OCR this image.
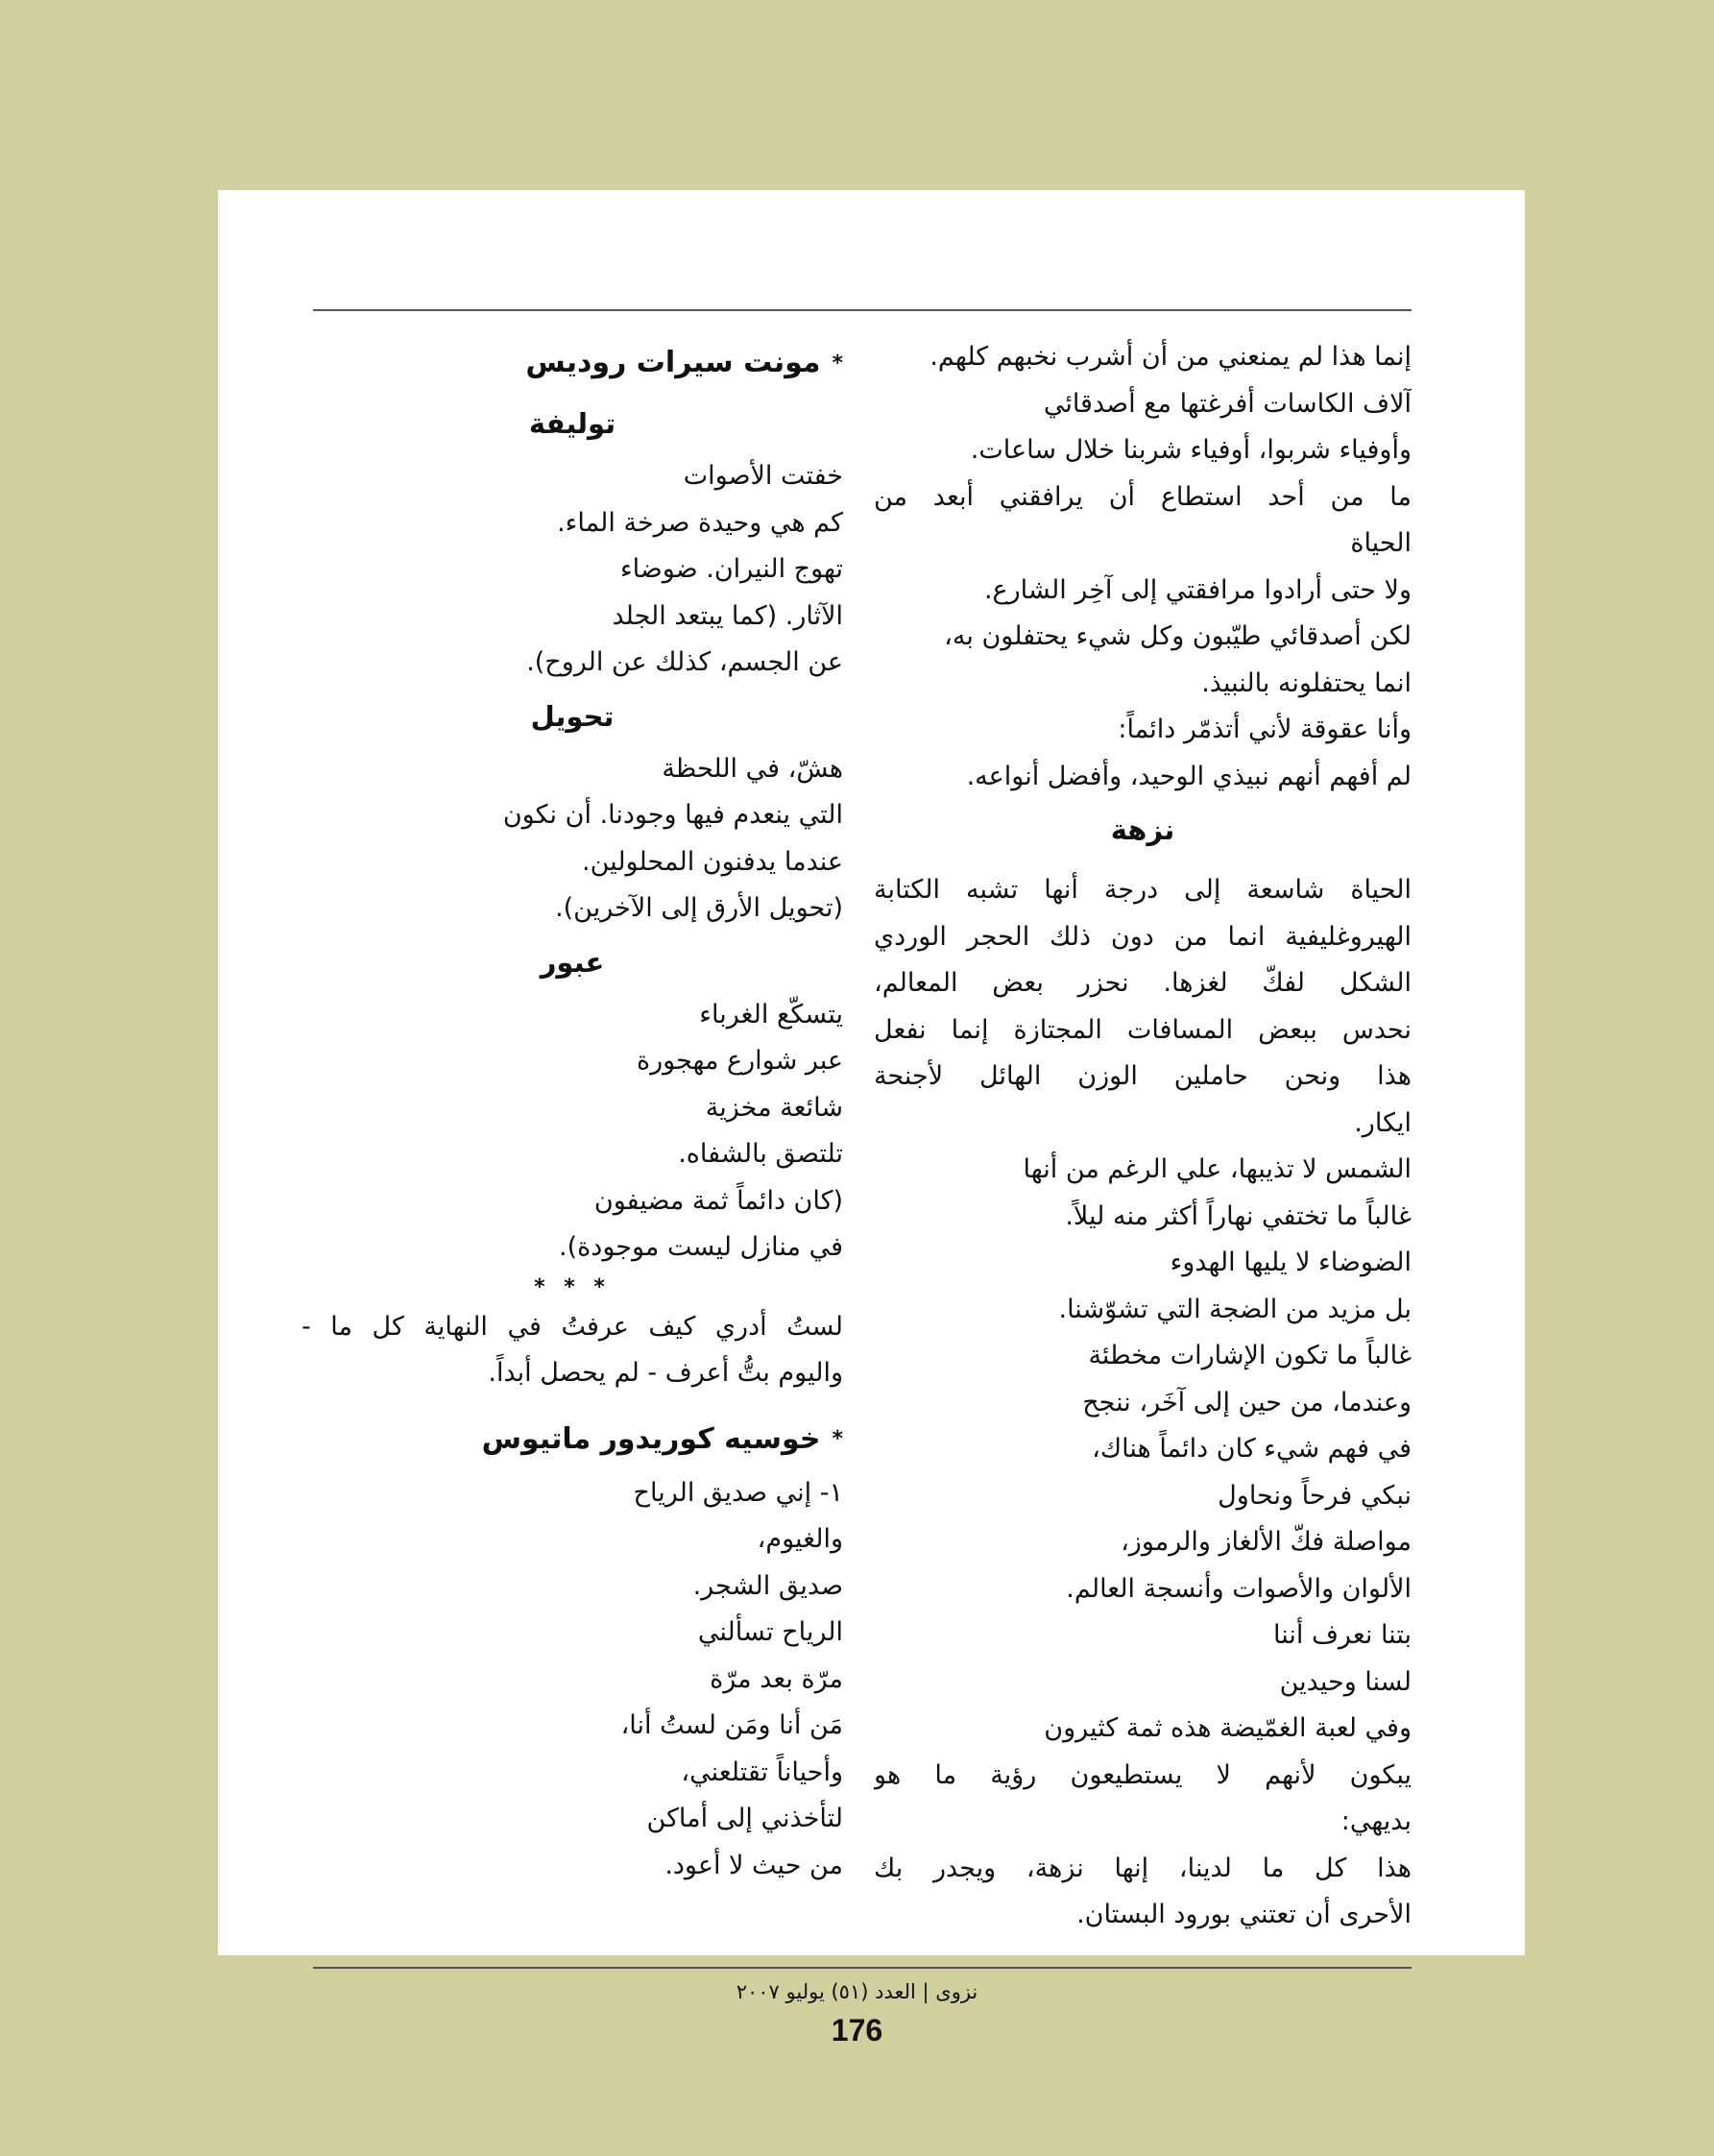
إنما هذا لم يمنعني من أن أشرب نخبهم كلهم.
آلاف الكاسات أفرغتها مع أصدقائي
وأوفياء شربوا، أوفياء شربنا خلال ساعات.
ما من أحد استطاع أن يرافقني أبعد من
الحياة
ولا حتى أرادوا مرافقتي إلى آخِر الشارع.
لكن أصدقائي طيّبون وكل شيء يحتفلون به،
انما يحتفلونه بالنبيذ.
وأنا عقوقة لأني أتذمّر دائماً:
لم أفهم أنهم نبيذي الوحيد، وأفضل أنواعه.
نزهة
الحياة شاسعة إلى درجة أنها تشبه الكتابة
الهيروغليفية انما من دون ذلك الحجر الوردي
الشكل لفكّ لغزها. نحزر بعض المعالم،
نحدس ببعض المسافات المجتازة إنما نفعل
هذا ونحن حاملين الوزن الهائل لأجنحة
ايكار.
الشمس لا تذيبها، علي الرغم من أنها
غالباً ما تختفي نهاراً أكثر منه ليلاً.
الضوضاء لا يليها الهدوء
بل مزيد من الضجة التي تشوّشنا.
غالباً ما تكون الإشارات مخطئة
وعندما، من حين إلى آخَر، ننجح
في فهم شيء كان دائماً هناك،
نبكي فرحاً ونحاول
مواصلة فكّ الألغاز والرموز،
الألوان والأصوات وأنسجة العالم.
بتنا نعرف أننا
لسنا وحيدين
وفي لعبة الغمّيضة هذه ثمة كثيرون
يبكون لأنهم لا يستطيعون رؤية ما هو
بديهي:
هذا كل ما لدينا، إنها نزهة، ويجدر بك
الأحرى أن تعتني بورود البستان.
*مونت سيرات روديس
توليفة
خفتت الأصوات
كم هي وحيدة صرخة الماء.
تهوج النيران. ضوضاء
الآثار. (كما يبتعد الجلد
عن الجسم، كذلك عن الروح).
تحويل
هشّ، في اللحظة
التي ينعدم فيها وجودنا. أن نكون
عندما يدفنون المحلولين.
(تحويل الأرق إلى الآخرين).
عبور
يتسكّع الغرباء
عبر شوارع مهجورة
شائعة مخزية
تلتصق بالشفاه.
(كان دائماً ثمة مضيفون
في منازل ليست موجودة).
* * *
لستُ أدري كيف عرفتُ في النهاية كل ما -
واليوم بتُّ أعرف - لم يحصل أبداً.
*خوسيه كوريدور ماتيوس
١- إني صديق الرياح
والغيوم،
صديق الشجر.
الرياح تسألني
مرّة بعد مرّة
مَن أنا ومَن لستُ أنا،
وأحياناً تقتلعني،
لتأخذني إلى أماكن
من حيث لا أعود.
نزوى | العدد (٥١) يوليو ٢٠٠٧
176
